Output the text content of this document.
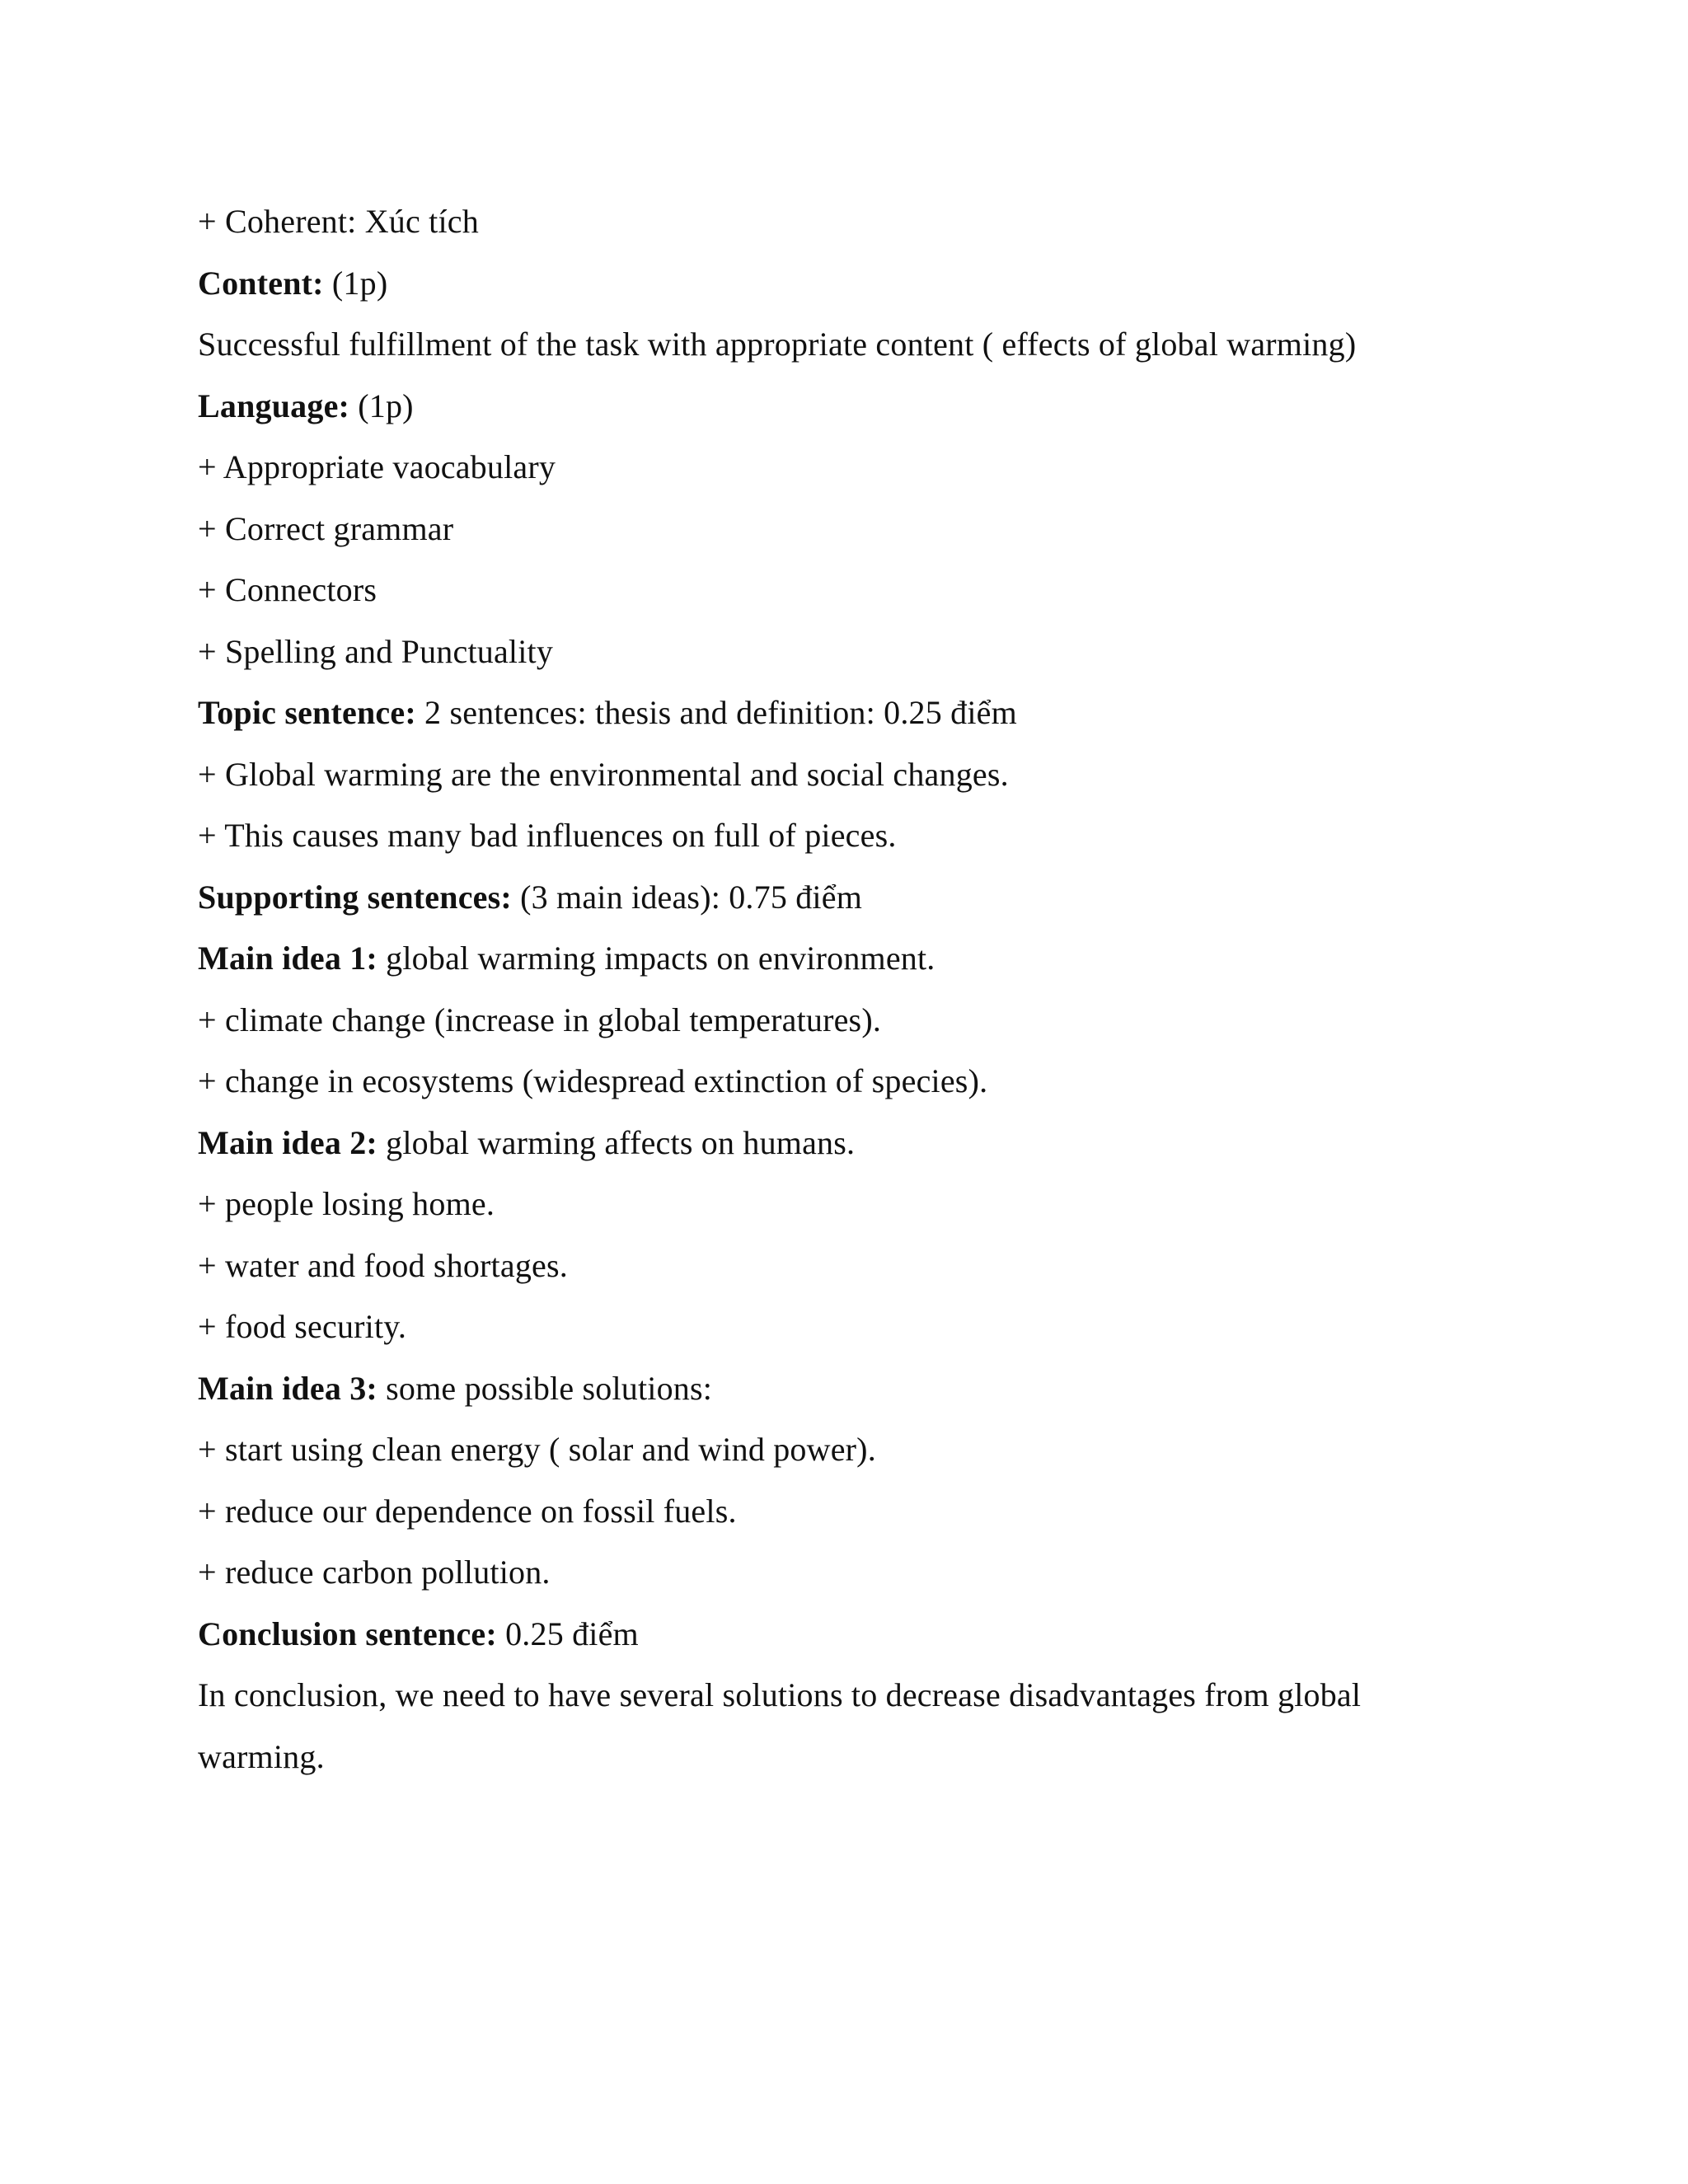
+ Coherent: Xúc tích
Content: (1p)
Successful fulfillment of the task with appropriate content ( effects of global warming)
Language: (1p)
+ Appropriate vaocabulary
+ Correct grammar
+ Connectors
+ Spelling and Punctuality
Topic sentence: 2 sentences: thesis and definition: 0.25 điểm
+ Global warming are the environmental and social changes.
+ This causes many bad influences on full of pieces.
Supporting sentences: (3 main ideas): 0.75 điểm
Main idea 1: global warming impacts on environment.
+ climate change (increase in global temperatures).
+ change in ecosystems (widespread extinction of species).
Main idea 2: global warming affects on humans.
+ people losing home.
+ water and food shortages.
+ food security.
Main idea 3: some possible solutions:
+ start using clean energy ( solar and wind power).
+ reduce our dependence on fossil fuels.
+ reduce carbon pollution.
Conclusion sentence: 0.25 điểm
In conclusion, we need to have several solutions to decrease disadvantages from global
warming.
